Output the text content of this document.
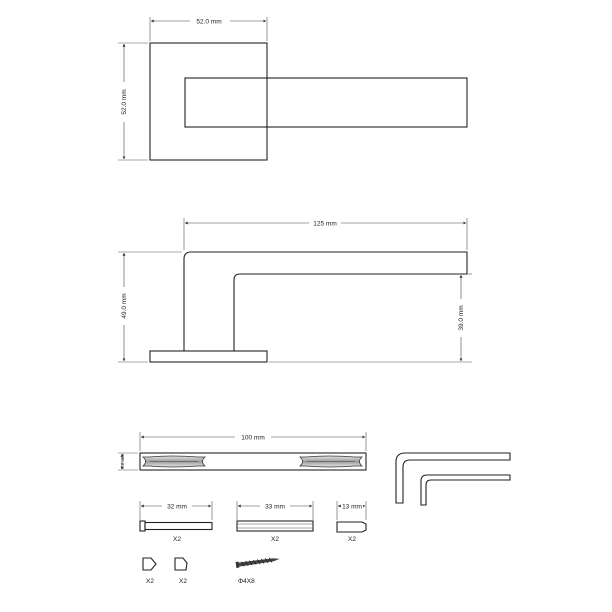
52.0 mm
52.0 mm
125 mm
49.0 mm	39.0 mm
100 mm
8.0 mm
32 mm
X2
33 mm
X2
13 mm
X2
X2	X2	Φ4X8
